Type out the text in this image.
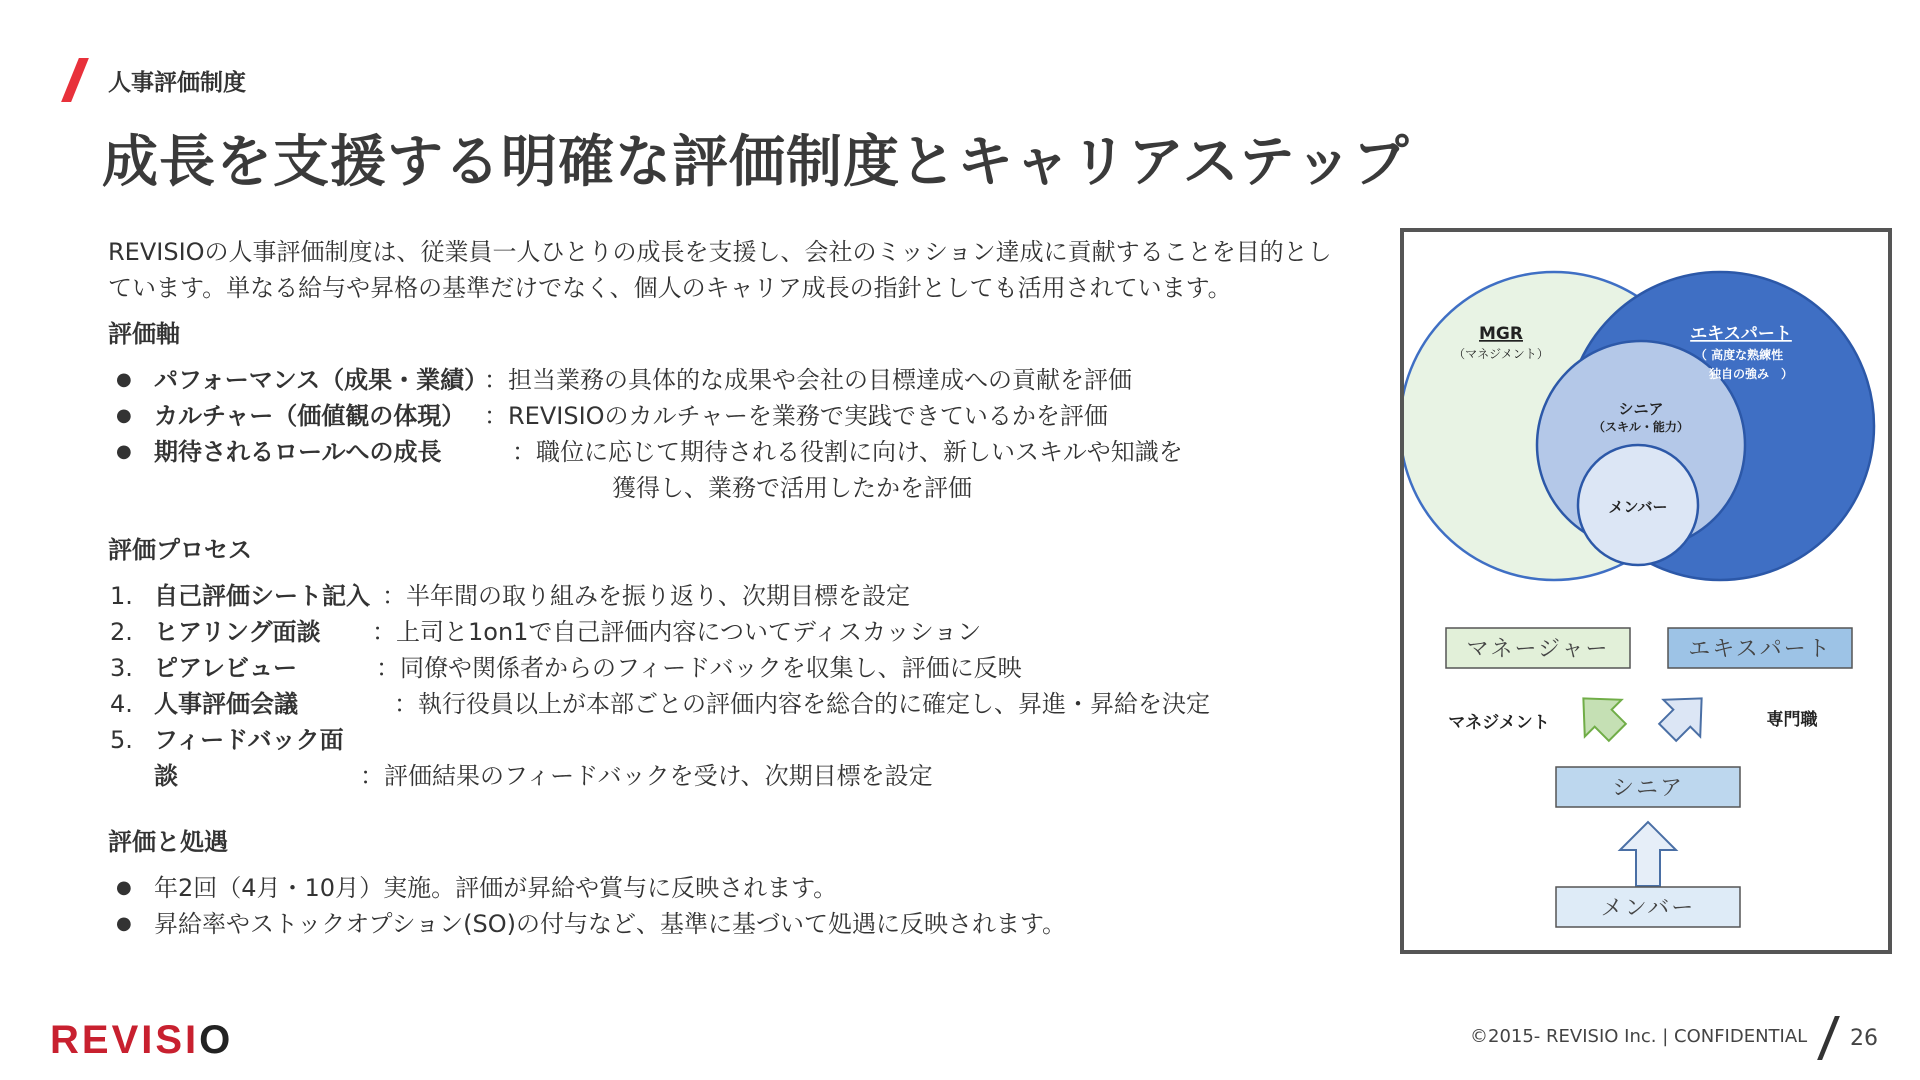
人事評価制度
成長を支援する明確な評価制度とキャリアステップ

REVISIOの人事評価制度は、従業員一人ひとりの成長を支援し、会社のミッション達成に貢献することを目的とし
ています。単なる給与や昇格の基準だけでなく、個人のキャリア成長の指針としても活用されています。

評価軸
● パフォーマンス（成果・業績）：担当業務の具体的な成果や会社の目標達成への貢献を評価
● カルチャー（価値観の体現） ：REVISIOのカルチャーを業務で実践できているかを評価
● 期待されるロールへの成長	：職位に応じて期待される役割に向け、新しいスキルや知識を
獲得し、業務で活用したかを評価
評価プロセス
1. 自己評価シート記入 ：半年間の取り組みを振り返り、次期目標を設定
2. ヒアリング面談 ：上司と1on1で自己評価内容についてディスカッション
3. ピアレビュー	：同僚や関係者からのフィードバックを収集し、評価に反映
4. 人事評価会議	：執行役員以上が本部ごとの評価内容を総合的に確定し、昇進・昇給を決定
5. フィードバック面談	：評価結果のフィードバックを受け、次期目標を設定
評価と処遇
● 年2回（4月・10月）実施。評価が昇給や賞与に反映されます。
● 昇給率やストックオプション(SO)の付与など、基準に基づいて処遇に反映されます。
MGR
（マネジメント）
エキスパート
（ 高度な熟練性
独自の強み　）
シニア
（スキル・能力）
メンバー
マネージャー	エキスパート
マネジメント	専門職
シニア
メンバー
REVISIO	©2015- REVISIO Inc. | CONFIDENTIAL 26
